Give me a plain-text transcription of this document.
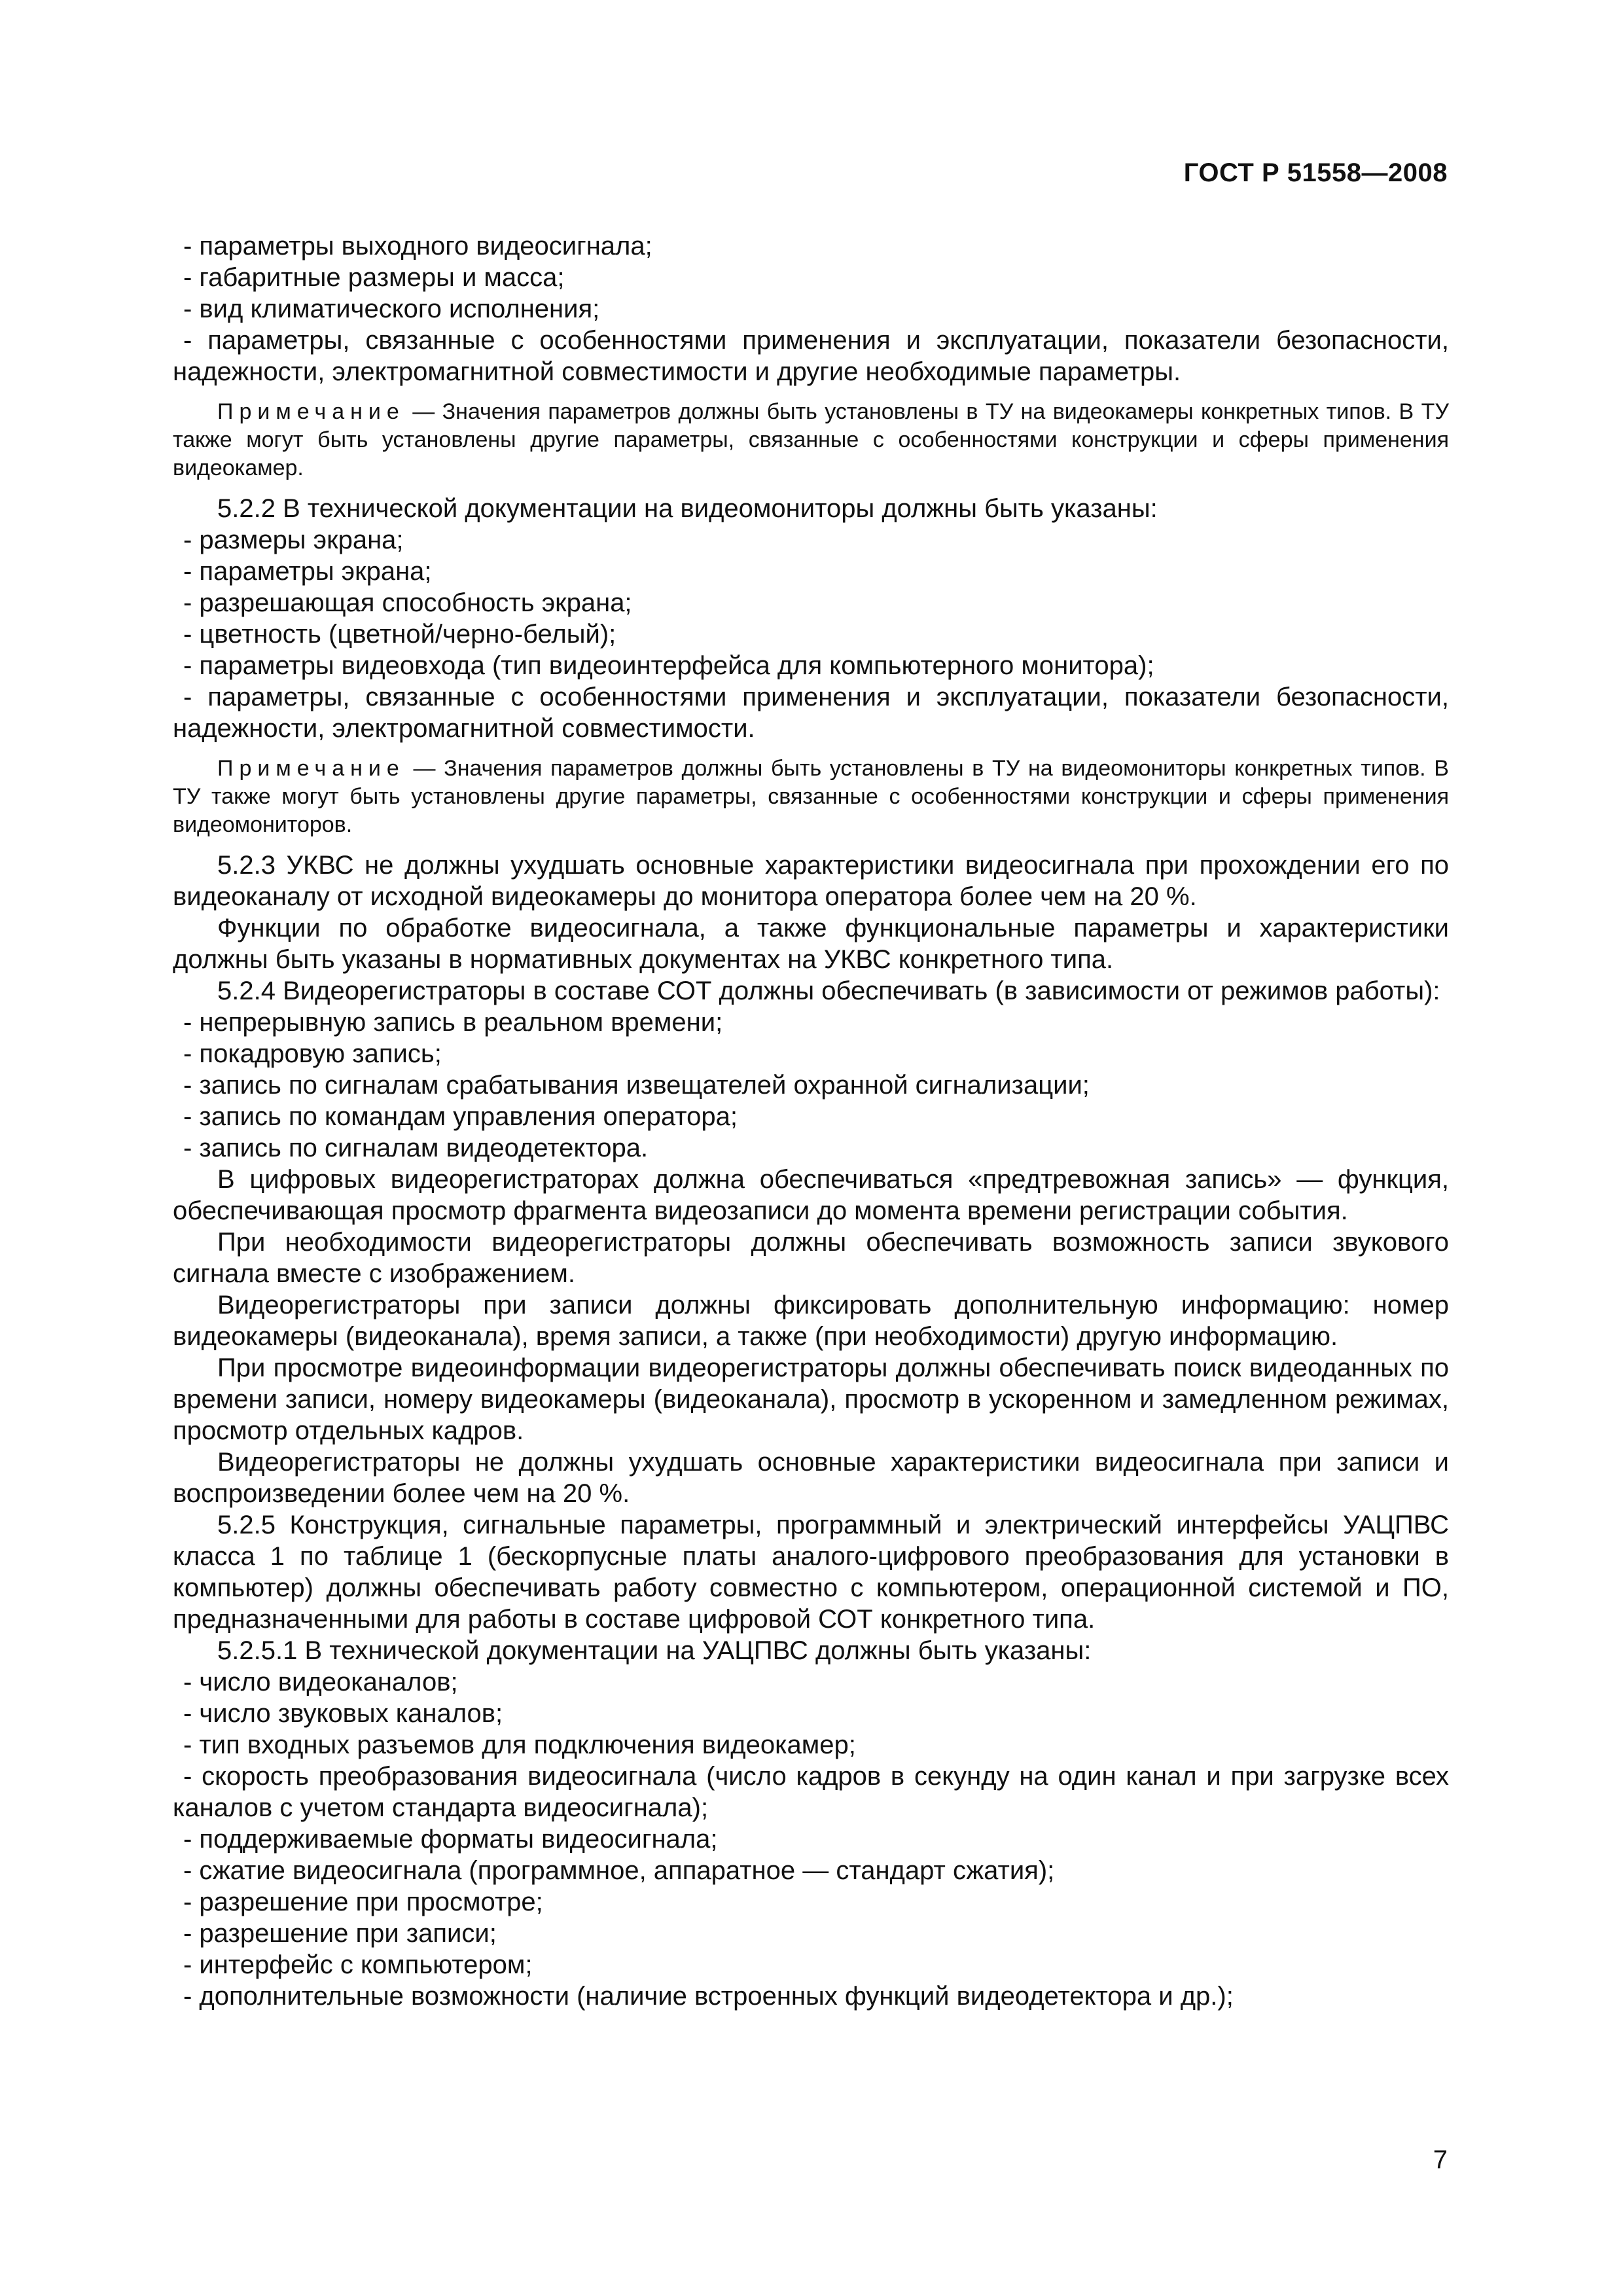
ГОСТ Р 51558—2008

- параметры выходного видеосигнала;

- габаритные размеры и масса;

- вид климатического исполнения;

- параметры, связанные с особенностями применения и эксплуатации, показатели безопасности, надежности, электромагнитной совместимости и другие необходимые параметры.

Примечание — Значения параметров должны быть установлены в ТУ на видеокамеры конкретных типов. В ТУ также могут быть установлены другие параметры, связанные с особенностями конструкции и сферы применения видеокамер.

5.2.2 В технической документации на видеомониторы должны быть указаны:

- размеры экрана;

- параметры экрана;

- разрешающая способность экрана;

- цветность (цветной/черно-белый);

- параметры видеовхода (тип видеоинтерфейса для компьютерного монитора);

- параметры, связанные с особенностями применения и эксплуатации, показатели безопасности, надежности, электромагнитной совместимости.

Примечание — Значения параметров должны быть установлены в ТУ на видеомониторы конкретных типов. В ТУ также могут быть установлены другие параметры, связанные с особенностями конструкции и сферы применения видеомониторов.

5.2.3 УКВС не должны ухудшать основные характеристики видеосигнала при прохождении его по видеоканалу от исходной видеокамеры до монитора оператора более чем на 20 %.

Функции по обработке видеосигнала, а также функциональные параметры и характеристики должны быть указаны в нормативных документах на УКВС конкретного типа.

5.2.4 Видеорегистраторы в составе СОТ должны обеспечивать (в зависимости от режимов работы):

- непрерывную запись в реальном времени;

- покадровую запись;

- запись по сигналам срабатывания извещателей охранной сигнализации;

- запись по командам управления оператора;

- запись по сигналам видеодетектора.

В цифровых видеорегистраторах должна обеспечиваться «предтревожная запись» — функция, обеспечивающая просмотр фрагмента видеозаписи до момента времени регистрации события.

При необходимости видеорегистраторы должны обеспечивать возможность записи звукового сигнала вместе с изображением.

Видеорегистраторы при записи должны фиксировать дополнительную информацию: номер видеокамеры (видеоканала), время записи, а также (при необходимости) другую информацию.

При просмотре видеоинформации видеорегистраторы должны обеспечивать поиск видеоданных по времени записи, номеру видеокамеры (видеоканала), просмотр в ускоренном и замедленном режимах, просмотр отдельных кадров.

Видеорегистраторы не должны ухудшать основные характеристики видеосигнала при записи и воспроизведении более чем на 20 %.

5.2.5 Конструкция, сигнальные параметры, программный и электрический интерфейсы УАЦПВС класса 1 по таблице 1 (бескорпусные платы аналого-цифрового преобразования для установки в компьютер) должны обеспечивать работу совместно с компьютером, операционной системой и ПО, предназначенными для работы в составе цифровой СОТ конкретного типа.

5.2.5.1 В технической документации на УАЦПВС должны быть указаны:

- число видеоканалов;

- число звуковых каналов;

- тип входных разъемов для подключения видеокамер;

- скорость преобразования видеосигнала (число кадров в секунду на один канал и при загрузке всех каналов с учетом стандарта видеосигнала);

- поддерживаемые форматы видеосигнала;

- сжатие видеосигнала (программное, аппаратное — стандарт сжатия);

- разрешение при просмотре;

- разрешение при записи;

- интерфейс с компьютером;

- дополнительные возможности (наличие встроенных функций видеодетектора и др.);

7
